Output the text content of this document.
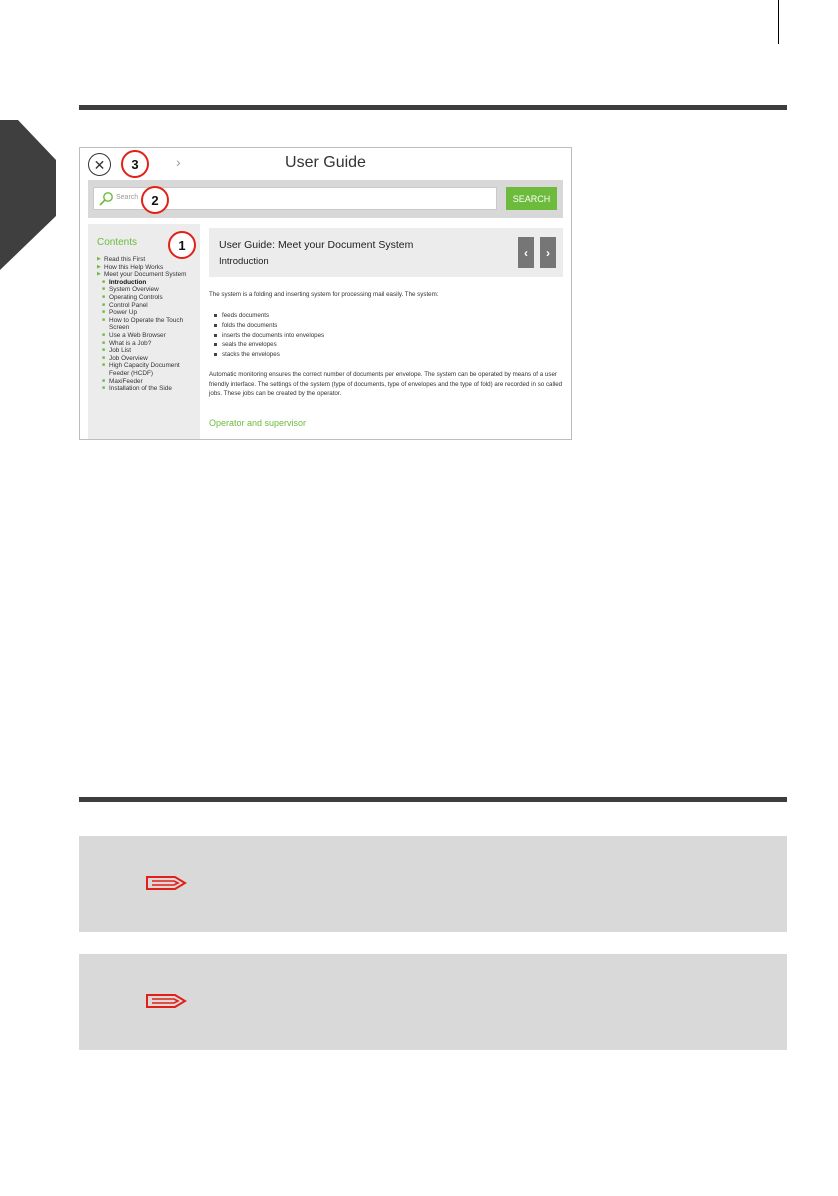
✕	›	User Guide
Search	SEARCH
Contents
▶ Read this First
▶ How this Help Works
▶ Meet your Document System
■ Introduction
■ System Overview
■ Operating Controls
■ Control Panel
■ Power Up
■ How to Operate the Touch Screen
■ Use a Web Browser
■ What is a Job?
■ Job List
■ Job Overview
■ High Capacity Document Feeder (HCDF)
■ MaxiFeeder
■ Installation of the Side
User Guide: Meet your Document System
Introduction
‹ ›

The system is a folding and inserting system for processing mail easily. The system:

feeds documents
folds the documents
inserts the documents into envelopes
seals the envelopes
stacks the envelopes

Automatic monitoring ensures the correct number of documents per envelope. The system can be operated by means of a user friendly interface. The settings of the system (type of documents, type of envelopes and the type of fold) are recorded in so called jobs. These jobs can be created by the operator.

Operator and supervisor
1
2
3
